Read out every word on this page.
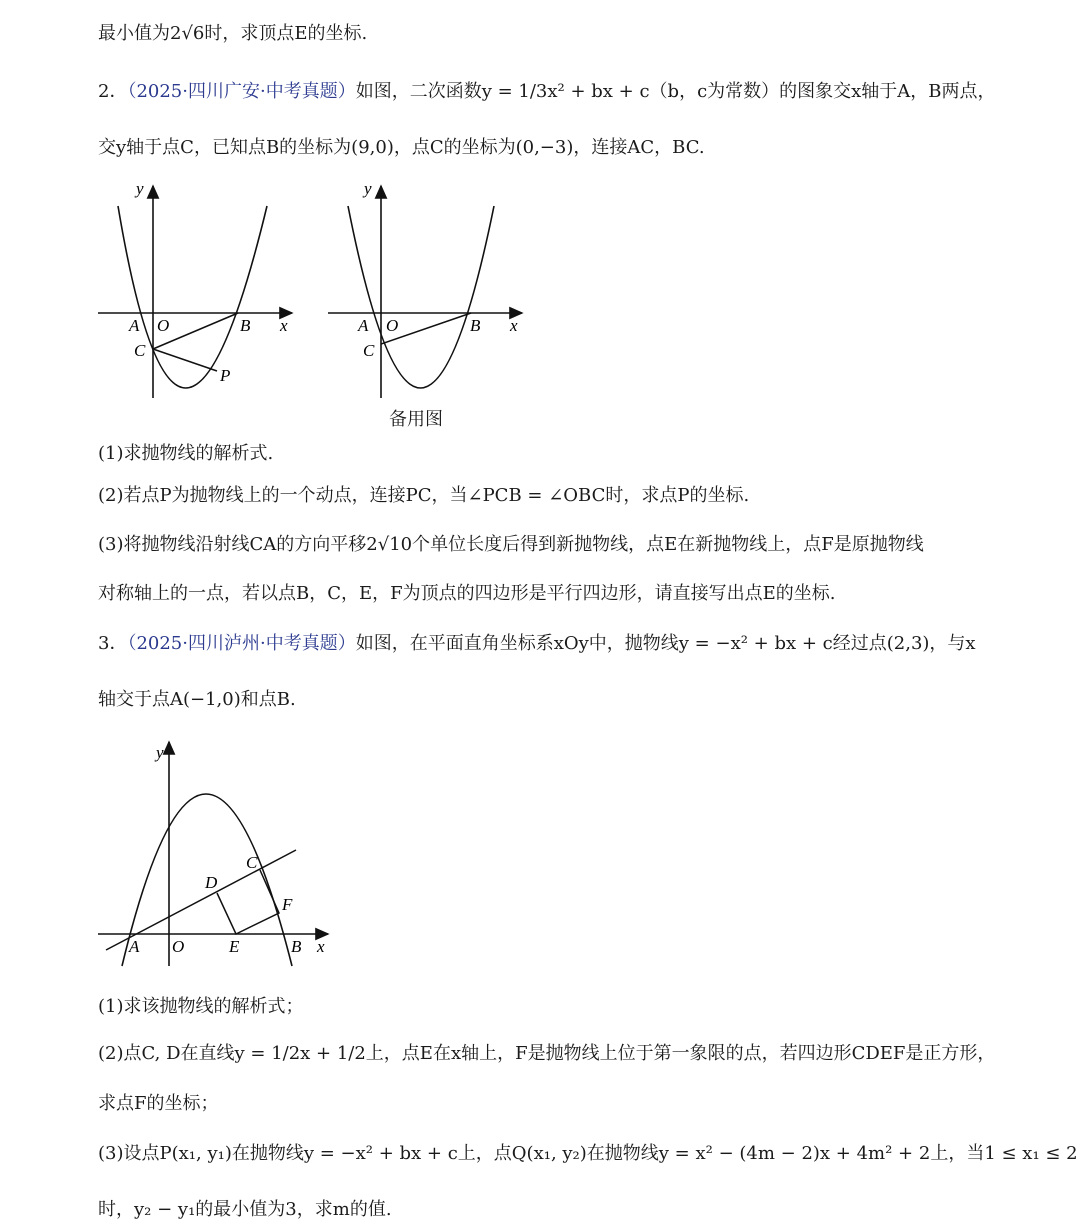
最小值为2√6时，求顶点E的坐标.
2．（2025·四川广安·中考真题）如图，二次函数y = 1/3x² + bx + c（b，c为常数）的图象交x轴于A，B两点，
交y轴于点C，已知点B的坐标为(9,0)，点C的坐标为(0,−3)，连接AC，BC.
y
x
A O	B
C
P
y
x
A O	B
C
备用图
(1)求抛物线的解析式.
(2)若点P为抛物线上的一个动点，连接PC，当∠PCB = ∠OBC时，求点P的坐标.
(3)将抛物线沿射线CA的方向平移2√10个单位长度后得到新抛物线，点E在新抛物线上，点F是原抛物线
对称轴上的一点，若以点B，C，E，F为顶点的四边形是平行四边形，请直接写出点E的坐标.
3．（2025·四川泸州·中考真题）如图，在平面直角坐标系xOy中，抛物线y = −x² + bx + c经过点(2,3)，与x
轴交于点A(−1,0)和点B.
y
x
A O	E	B
C
D
F
(1)求该抛物线的解析式；
(2)点C, D在直线y = 1/2x + 1/2上，点E在x轴上，F是抛物线上位于第一象限的点，若四边形CDEF是正方形，
求点F的坐标；
(3)设点P(x₁, y₁)在抛物线y = −x² + bx + c上，点Q(x₁, y₂)在抛物线y = x² − (4m − 2)x + 4m² + 2上，当1 ≤ x₁ ≤ 2
时，y₂ − y₁的最小值为3，求m的值.
